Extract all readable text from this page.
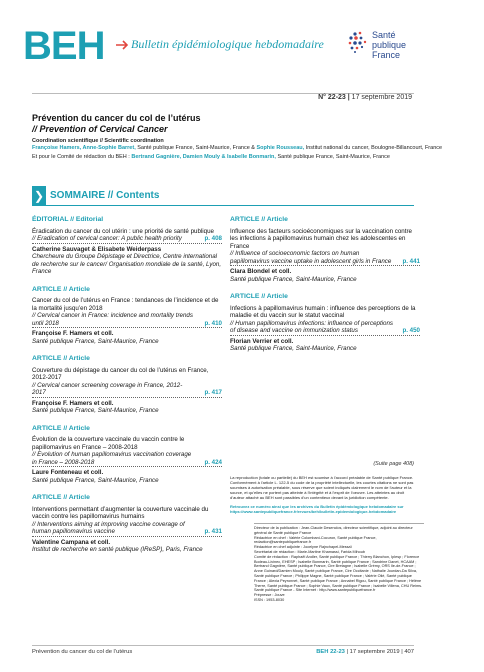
BEH Bulletin épidémiologique hebdomadaire
Santé
publique
France
N° 22-23 | 17 septembre 2019
Prévention du cancer du col de l’utérus
// Prevention of Cervical Cancer
Coordination scientifique // Scientific coordination
Françoise Hamers, Anne-Sophie Barret, Santé publique France, Saint-Maurice, France & Sophie Rousseau, Institut national du cancer, Boulogne-Billancourt, France
Et pour le Comité de rédaction du BEH : Bertrand Gagnière, Damien Mouly & Isabelle Bonmarin, Santé publique France, Saint-Maurice, France
❯ SOMMAIRE // Contents
ÉDITORIAL // Editorial
Éradication du cancer du col utérin : une priorité de santé publique
// Eradication of cervical cancer: A public health priority	p. 408
Catherine Sauvaget & Elisabete Weiderpass
Chercheure du Groupe Dépistage et Directrice, Centre international de recherche sur le cancer/ Organisation mondiale de la santé, Lyon, France
ARTICLE // Article
Cancer du col de l’utérus en France : tendances de l’incidence et de la mortalité jusqu’en 2018
// Cervical cancer in France: incidence and mortality trends until 2018	p. 410
Françoise F. Hamers et coll.
Santé publique France, Saint-Maurice, France
ARTICLE // Article
Couverture du dépistage du cancer du col de l’utérus en France, 2012-2017
// Cervical cancer screening coverage in France, 2012-2017	p. 417
Françoise F. Hamers et coll.
Santé publique France, Saint-Maurice, France
ARTICLE // Article
Évolution de la couverture vaccinale du vaccin contre le papillomavirus en France – 2008-2018
// Evolution of human papillomavirus vaccination coverage in France – 2008-2018	p. 424
Laure Fonteneau et coll.
Santé publique France, Saint-Maurice, France
ARTICLE // Article
Interventions permettant d’augmenter la couverture vaccinale du vaccin contre les papillomavirus humains
// Interventions aiming at improving vaccine coverage of human papillomavirus vaccine	p. 431
Valentine Campana et coll.
Institut de recherche en santé publique (IReSP), Paris, France
ARTICLE // Article
Influence des facteurs socioéconomiques sur la vaccination contre les infections à papillomavirus humain chez les adolescentes en France
// Influence of socioeconomic factors on human papillomavirus vaccine uptake in adolescent girls in France	p. 441
Clara Blondel et coll.
Santé publique France, Saint-Maurice, France
ARTICLE // Article
Infections à papillomavirus humain : influence des perceptions de la maladie et du vaccin sur le statut vaccinal
// Human papillomavirus infections: influence of perceptions of disease and vaccine on immunization status	p. 450
Florian Verrier et coll.
Santé publique France, Saint-Maurice, France
(Suite page 408)
La reproduction (totale ou partielle) du BEH est soumise à l’accord préalable de Santé publique France. Conformément à l’article L. 122-5 du code de la propriété intellectuelle, les courtes citations ne sont pas soumises à autorisation préalable, sous réserve que soient indiqués clairement le nom de l’auteur et la source, et qu’elles ne portent pas atteinte à l’intégrité et à l’esprit de l’oeuvre. Les atteintes au droit d’auteur attaché au BEH sont passibles d’un contentieux devant la juridiction compétente.
Retrouvez ce numéro ainsi que les archives du Bulletin épidémiologique hebdomadaire sur https://www.santepubliquefrance.fr/revues/beh/bulletin-epidemiologique-hebdomadaire
Directeur de la publication : Jean-Claude Desenclos, directeur scientifique, adjoint au directeur général de Santé publique France
Rédactrice en chef : Valérie Colombani-Cocuron, Santé publique France, redaction@santepubliquefrance.fr
Rédactrice en chef adjointe : Jocelyne Rajnchapel-Messaï
Secrétariat de rédaction : Marie-Martine Khamassi, Farida Mihoub
Comité de rédaction : Raphaël Andler, Santé publique France ; Thierry Blanchon, Iplesp ; Florence Bodeau-Livinec, EHESP ; Isabelle Bonmarin, Santé publique France ; Sandrine Danet, HCAAM ; Bertrand Gagnière, Santé publique France, Cire Bretagne ; Isabelle Grémy, ORS Ile-de-France ; Anne Guinard/Damien Mouly, Santé publique France, Cire Occitanie ; Nathalie Jourdan-Da Silva, Santé publique France ; Philippe Magne, Santé publique France ; Valérie Olié, Santé publique France ; Alexia Peyronnet, Santé publique France ; Annabel Rigou, Santé publique France ; Hélène Therre, Santé publique France ; Sophie Vaux, Santé publique France ; Isabelle Villena, CHU Reims.
Santé publique France - Site Internet : http://www.santepubliquefrance.fr
Prépresse : Jouve
ISSN : 1953-8030
Prévention du cancer du col de l’utérus	BEH 22-23 | 17 septembre 2019 | 407
